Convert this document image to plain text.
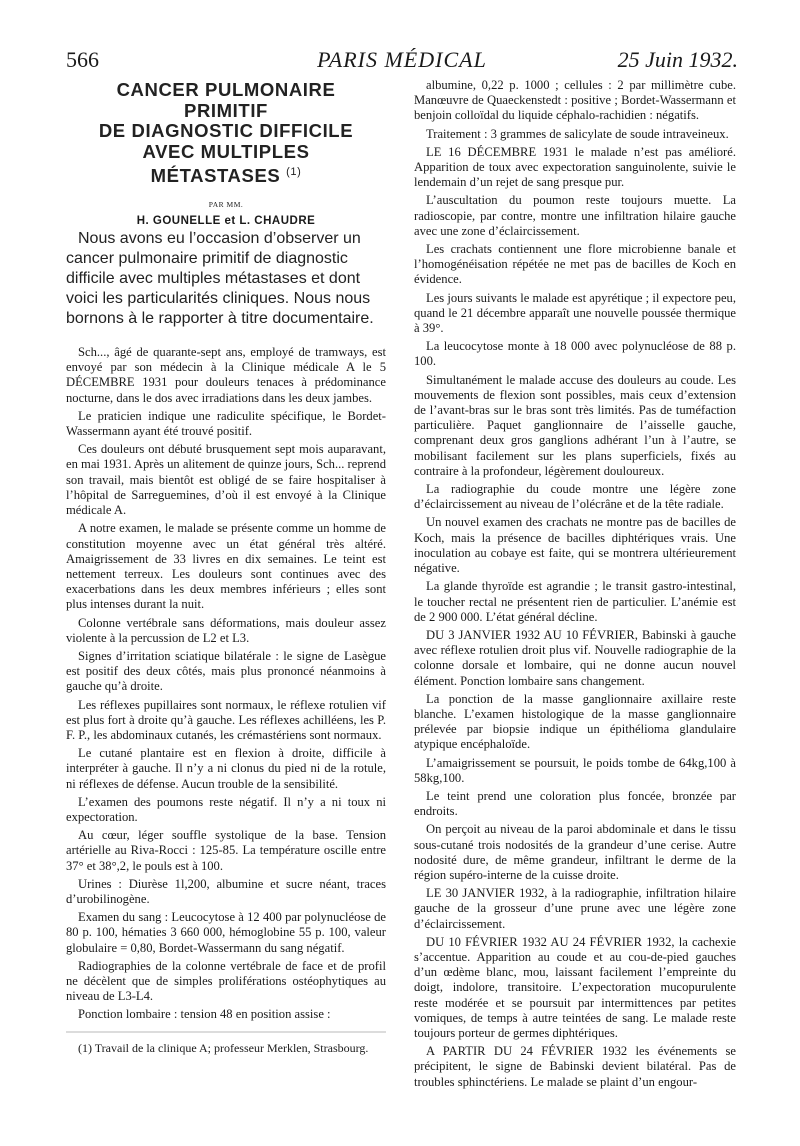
566	PARIS MÉDICAL	25 Juin 1932.
CANCER PULMONAIRE
PRIMITIF
DE DIAGNOSTIC DIFFICILE
AVEC MULTIPLES
MÉTASTASES $^{(1)}$
PAR MM.
H. GOUNELLE et L. CHAUDRE

Nous avons eu l’occasion d’observer un cancer pulmonaire primitif de diagnostic difficile avec multiples métastases et dont voici les particularités cliniques. Nous nous bornons à le rapporter à titre documentaire.

Sch..., âgé de quarante-sept ans, employé de tramways, est envoyé par son médecin à la Clinique médicale A le 5 DÉCEMBRE 1931 pour douleurs tenaces à prédominance nocturne, dans le dos avec irradiations dans les deux jambes.

Le praticien indique une radiculite spécifique, le Bordet-Wassermann ayant été trouvé positif.

Ces douleurs ont débuté brusquement sept mois auparavant, en mai 1931. Après un alitement de quinze jours, Sch... reprend son travail, mais bientôt est obligé de se faire hospitaliser à l’hôpital de Sarreguemines, d’où il est envoyé à la Clinique médicale A.

A notre examen, le malade se présente comme un homme de constitution moyenne avec un état général très altéré. Amaigrissement de 33 livres en dix semaines. Le teint est nettement terreux. Les douleurs sont continues avec des exacerbations dans les deux membres inférieurs ; elles sont plus intenses durant la nuit.

Colonne vertébrale sans déformations, mais douleur assez violente à la percussion de L2 et L3.

Signes d’irritation sciatique bilatérale : le signe de Lasègue est positif des deux côtés, mais plus prononcé néanmoins à gauche qu’à droite.

Les réflexes pupillaires sont normaux, le réflexe rotulien vif est plus fort à droite qu’à gauche. Les réflexes achilléens, les P. F. P., les abdominaux cutanés, les crémastériens sont normaux.

Le cutané plantaire est en flexion à droite, difficile à interpréter à gauche. Il n’y a ni clonus du pied ni de la rotule, ni réflexes de défense. Aucun trouble de la sensibilité.

L’examen des poumons reste négatif. Il n’y a ni toux ni expectoration.

Au cœur, léger souffle systolique de la base. Tension artérielle au Riva-Rocci : 125-85. La température oscille entre 37° et 38°,2, le pouls est à 100.

Urines : Diurèse 1l,200, albumine et sucre néant, traces d’urobilinogène.

Examen du sang : Leucocytose à 12 400 par polynucléose de 80 p. 100, hématies 3 660 000, hémoglobine 55 p. 100, valeur globulaire = 0,80, Bordet-Wassermann du sang négatif.

Radiographies de la colonne vertébrale de face et de profil ne décèlent que de simples proliférations ostéophytiques au niveau de L3-L4.

Ponction lombaire : tension 48 en position assise :

(1) Travail de la clinique A; professeur Merklen, Strasbourg.

albumine, 0,22 p. 1000 ; cellules : 2 par millimètre cube. Manœuvre de Quaeckenstedt : positive ; Bordet-Wassermann et benjoin colloïdal du liquide céphalo-rachidien : négatifs.

Traitement : 3 grammes de salicylate de soude intraveineux.

LE 16 DÉCEMBRE 1931 le malade n’est pas amélioré. Apparition de toux avec expectoration sanguinolente, suivie le lendemain d’un rejet de sang presque pur.

L’auscultation du poumon reste toujours muette. La radioscopie, par contre, montre une infiltration hilaire gauche avec une zone d’éclaircissement.

Les crachats contiennent une flore microbienne banale et l’homogénéisation répétée ne met pas de bacilles de Koch en évidence.

Les jours suivants le malade est apyrétique ; il expectore peu, quand le 21 décembre apparaît une nouvelle poussée thermique à 39°.

La leucocytose monte à 18 000 avec polynucléose de 88 p. 100.

Simultanément le malade accuse des douleurs au coude. Les mouvements de flexion sont possibles, mais ceux d’extension de l’avant-bras sur le bras sont très limités. Pas de tuméfaction particulière. Paquet ganglionnaire de l’aisselle gauche, comprenant deux gros ganglions adhérant l’un à l’autre, se mobilisant facilement sur les plans superficiels, fixés au contraire à la profondeur, légèrement douloureux.

La radiographie du coude montre une légère zone d’éclaircissement au niveau de l’olécrâne et de la tête radiale.

Un nouvel examen des crachats ne montre pas de bacilles de Koch, mais la présence de bacilles diphtériques vrais. Une inoculation au cobaye est faite, qui se montrera ultérieurement négative.

La glande thyroïde est agrandie ; le transit gastro-intestinal, le toucher rectal ne présentent rien de particulier. L’anémie est de 2 900 000. L’état général décline.

DU 3 JANVIER 1932 AU 10 FÉVRIER, Babinski à gauche avec réflexe rotulien droit plus vif. Nouvelle radiographie de la colonne dorsale et lombaire, qui ne donne aucun nouvel élément. Ponction lombaire sans changement.

La ponction de la masse ganglionnaire axillaire reste blanche. L’examen histologique de la masse ganglionnaire prélevée par biopsie indique un épithélioma glandulaire atypique encéphaloïde.

L’amaigrissement se poursuit, le poids tombe de 64kg,100 à 58kg,100.

Le teint prend une coloration plus foncée, bronzée par endroits.

On perçoit au niveau de la paroi abdominale et dans le tissu sous-cutané trois nodosités de la grandeur d’une cerise. Autre nodosité dure, de même grandeur, infiltrant le derme de la région supéro-interne de la cuisse droite.

LE 30 JANVIER 1932, à la radiographie, infiltration hilaire gauche de la grosseur d’une prune avec une légère zone d’éclaircissement.

DU 10 FÉVRIER 1932 AU 24 FÉVRIER 1932, la cachexie s’accentue. Apparition au coude et au cou-de-pied gauches d’un œdème blanc, mou, laissant facilement l’empreinte du doigt, indolore, transitoire. L’expectoration mucopurulente reste modérée et se poursuit par intermittences par petites vomiques, de temps à autre teintées de sang. Le malade reste toujours porteur de germes diphtériques.

A PARTIR DU 24 FÉVRIER 1932 les événements se précipitent, le signe de Babinski devient bilatéral. Pas de troubles sphinctériens. Le malade se plaint d’un engour-
